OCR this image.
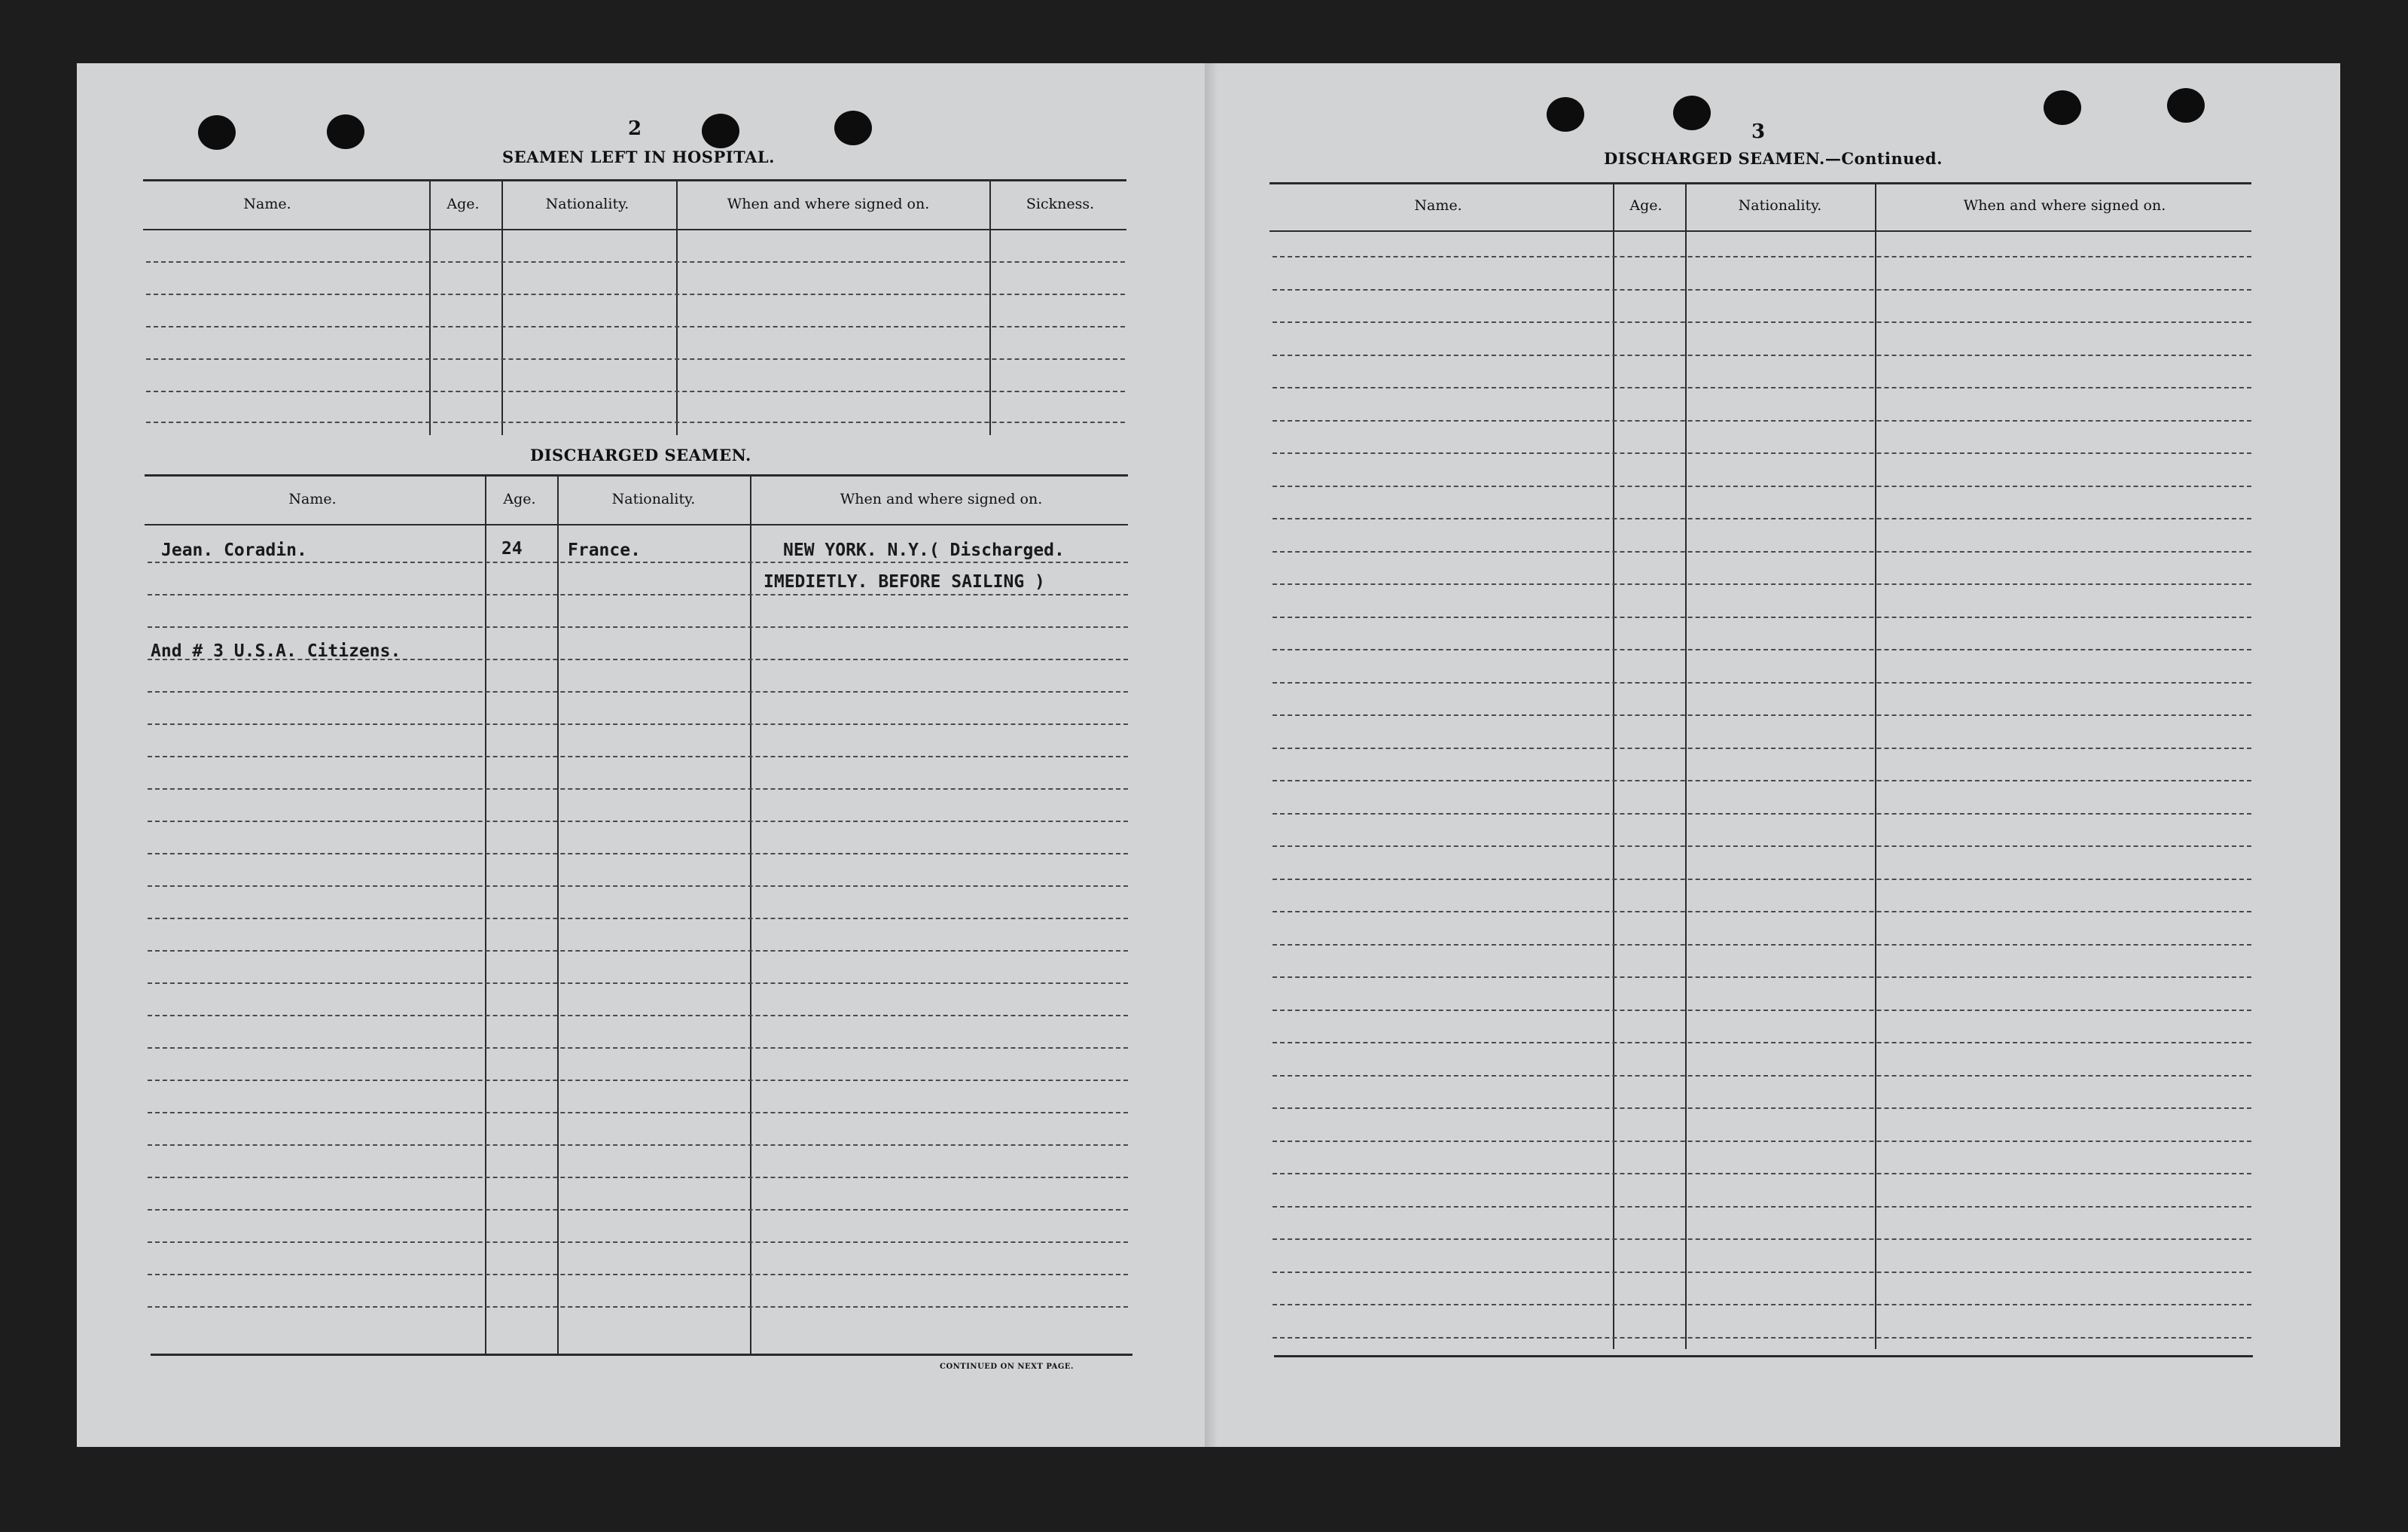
2
SEAMEN LEFT IN HOSPITAL.
Name.	Age.	Nationality.	When and where signed on.	Sickness.
DISCHARGED SEAMEN.
Name.	Age.	Nationality.	When and where signed on.
Jean. Coradin.	24	France.	NEW YORK. N.Y.( Discharged.
IMEDIETLY. BEFORE SAILING )
And # 3 U.S.A. Citizens.
CONTINUED ON NEXT PAGE.
3
DISCHARGED SEAMEN.—Continued.
Name.	Age.	Nationality.	When and where signed on.
